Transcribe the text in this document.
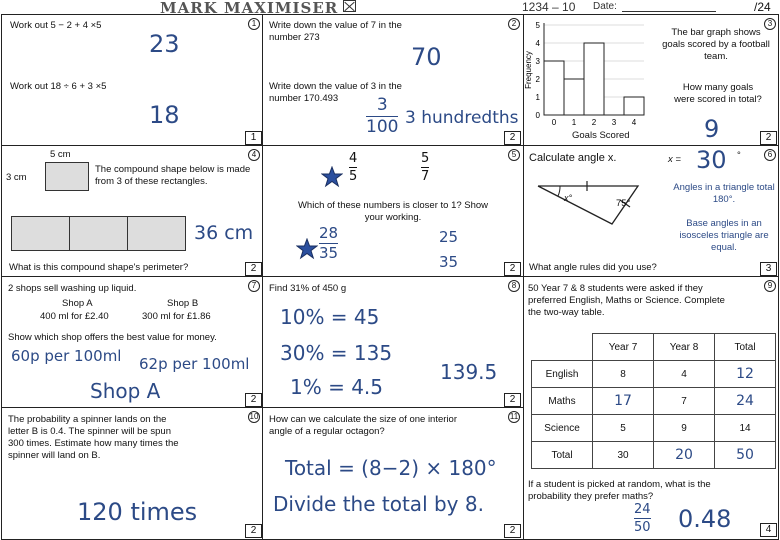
MARK MAXIMISER	1234 – 10 Date:	/24
Work out 5 − 2 + 4 ×5
23
Work out 18 ÷ 6 + 3 ×5
18
1
1
Write down the value of 7 in the number 273
70
Write down the value of 3 in the number 170.493	3
100 3 hundredths
2
2
0
1
2
3
4
5
0 1 2 3 4
Frequency
The bar graph shows goals scored by a football team.
How many goals were scored in total?
9
Goals Scored
3
2
5 cm
3 cm
The compound shape below is made from 3 of these rectangles.
36 cm
What is this compound shape's perimeter?
4
2
4
5
5
7
Which of these numbers is closer to 1? Show your working.
28
35
25
35
5
2
Calculate angle x.	x = 30 °
x°	75°
Angles in a triangle total 180°.
Base angles in an isosceles triangle are equal.
What angle rules did you use?
6
3
2 shops sell washing up liquid.
Shop A
400 ml for £2.40
Shop B
300 ml for £1.86
Show which shop offers the best value for money.
60p per 100ml 62p per 100ml
Shop A
7
2
Find 31% of 450 g
10% = 45
30% = 135
1% = 4.5
139.5
8
2
50 Year 7 & 8 students were asked if they preferred English, Maths or Science. Complete the two-way table.
If a student is picked at random, what is the probability they prefer maths?
24
50 0.48
9
4
	Year 7	Year 8	Total
English	8	4	12
Maths	17	7	24
Science	5	9	14
Total	30	20	50
The probability a spinner lands on the letter B is 0.4. The spinner will be spun 300 times. Estimate how many times the spinner will land on B.
120 times
10
2
How can we calculate the size of one interior angle of a regular octagon?
Total = (8−2) × 180°
Divide the total by 8.
11
2
